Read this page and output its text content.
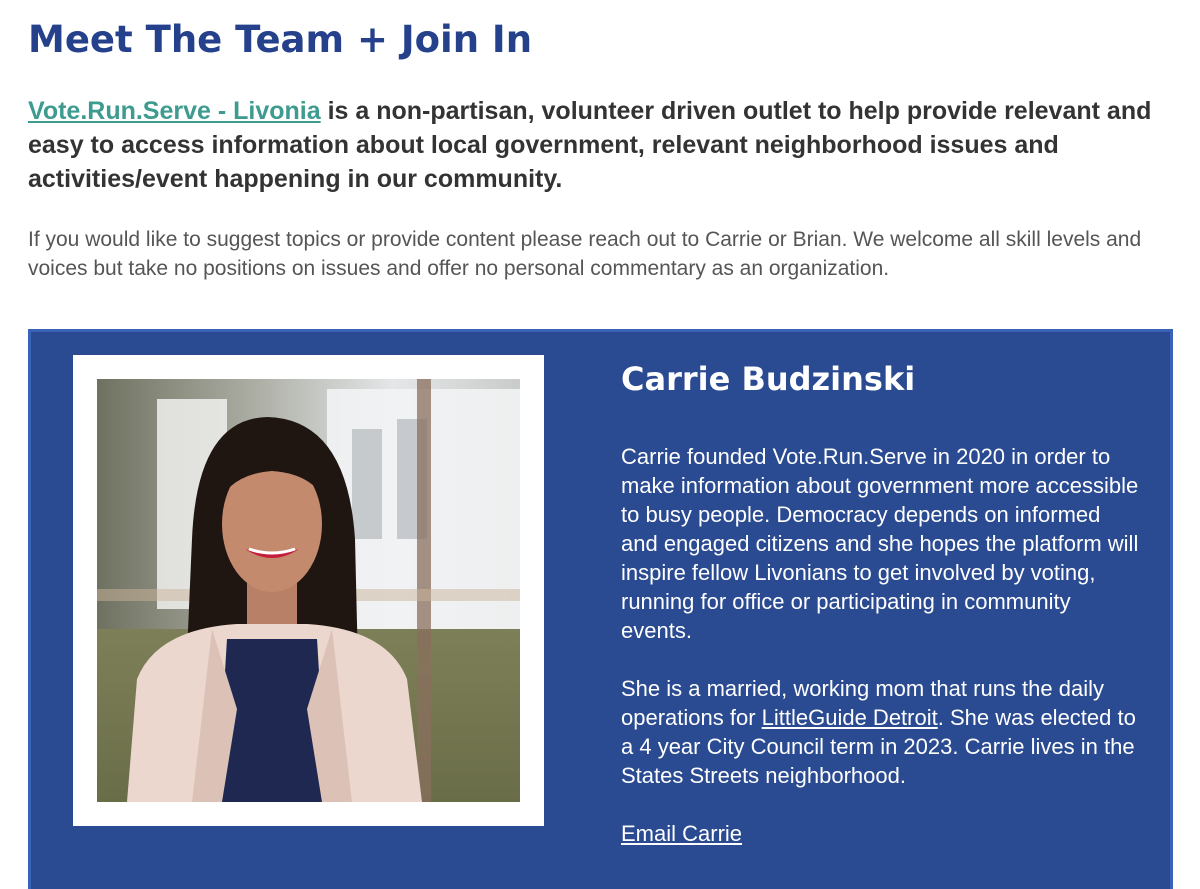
Meet The Team + Join In

Vote.Run.Serve - Livonia is a non-partisan, volunteer driven outlet to help provide relevant and easy to access information about local government, relevant neighborhood issues and activities/event happening in our community.

If you would like to suggest topics or provide content please reach out to Carrie or Brian. We welcome all skill levels and voices but take no positions on issues and offer no personal commentary as an organization.

Carrie Budzinski

Carrie founded Vote.Run.Serve in 2020 in order to make information about government more accessible to busy people. Democracy depends on informed and engaged citizens and she hopes the platform will inspire fellow Livonians to get involved by voting, running for office or participating in community events.

She is a married, working mom that runs the daily operations for LittleGuide Detroit. She was elected to a 4 year City Council term in 2023. Carrie lives in the States Streets neighborhood.

Email Carrie
